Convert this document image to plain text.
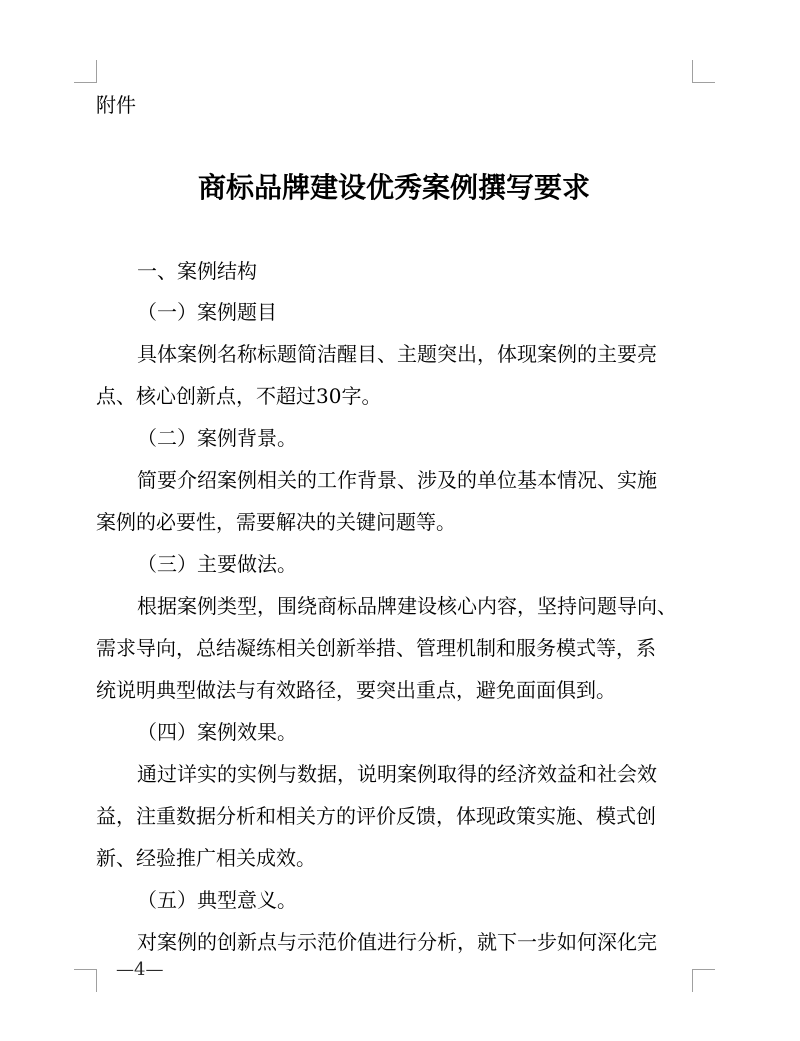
附件
商标品牌建设优秀案例撰写要求
一、案例结构
（一）案例题目
具体案例名称标题简洁醒目、主题突出，体现案例的主要亮
点、核心创新点，不超过30字。
（二）案例背景。
简要介绍案例相关的工作背景、涉及的单位基本情况、实施
案例的必要性，需要解决的关键问题等。
（三）主要做法。
根据案例类型，围绕商标品牌建设核心内容，坚持问题导向、
需求导向，总结凝练相关创新举措、管理机制和服务模式等，系
统说明典型做法与有效路径，要突出重点，避免面面俱到。
（四）案例效果。
通过详实的实例与数据，说明案例取得的经济效益和社会效
益，注重数据分析和相关方的评价反馈，体现政策实施、模式创
新、经验推广相关成效。
（五）典型意义。
对案例的创新点与示范价值进行分析，就下一步如何深化完
—4—
